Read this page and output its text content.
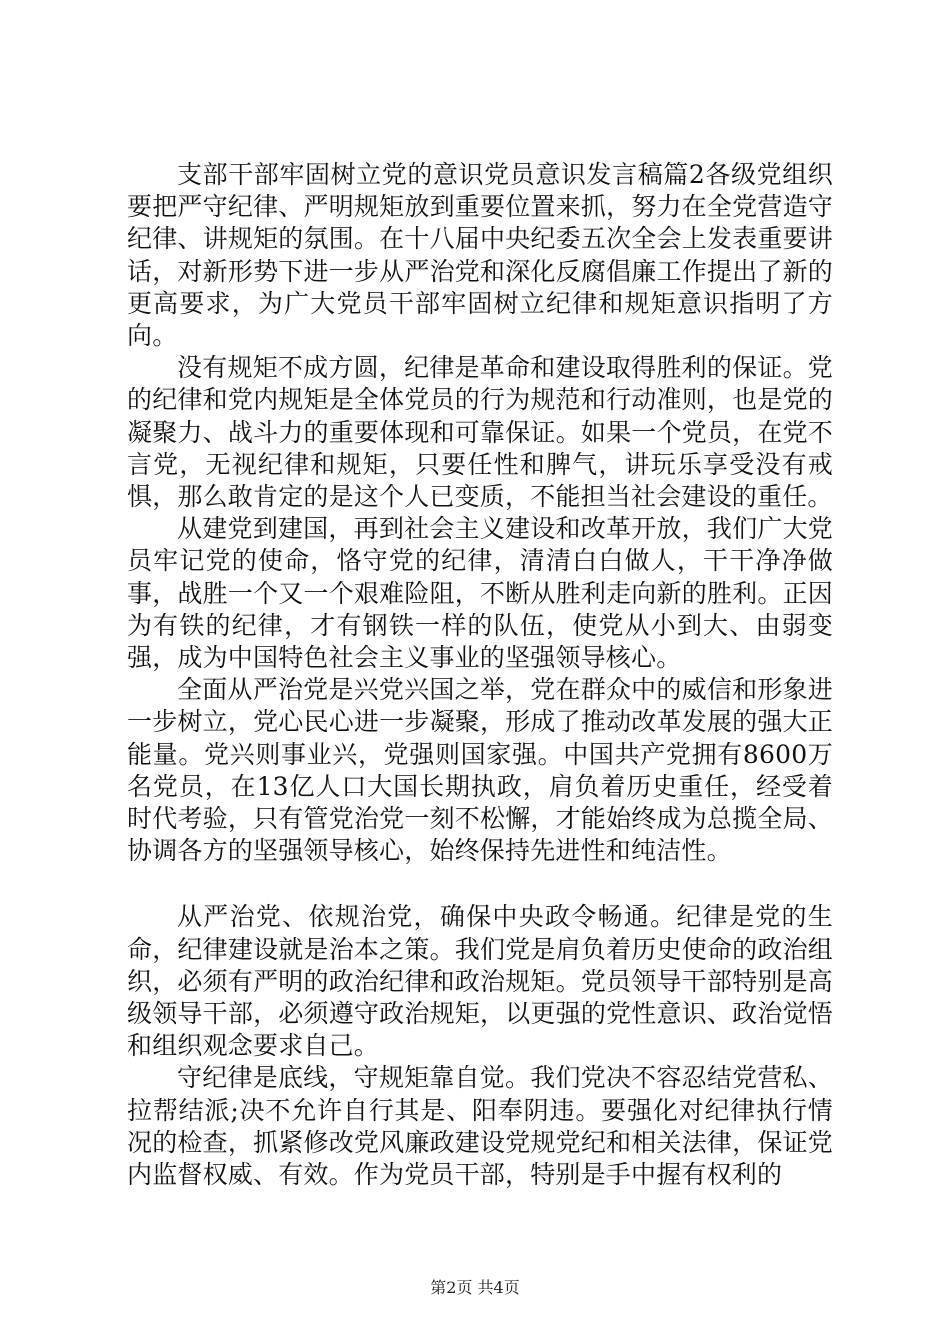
支部干部牢固树立党的意识党员意识发言稿篇2各级党组织要把严守纪律、严明规矩放到重要位置来抓，努力在全党营造守纪律、讲规矩的氛围。在十八届中央纪委五次全会上发表重要讲话，对新形势下进一步从严治党和深化反腐倡廉工作提出了新的更高要求，为广大党员干部牢固树立纪律和规矩意识指明了方向。

没有规矩不成方圆，纪律是革命和建设取得胜利的保证。党的纪律和党内规矩是全体党员的行为规范和行动准则，也是党的凝聚力、战斗力的重要体现和可靠保证。如果一个党员，在党不言党，无视纪律和规矩，只要任性和脾气，讲玩乐享受没有戒惧，那么敢肯定的是这个人已变质，不能担当社会建设的重任。

从建党到建国，再到社会主义建设和改革开放，我们广大党员牢记党的使命，恪守党的纪律，清清白白做人，干干净净做事，战胜一个又一个艰难险阻，不断从胜利走向新的胜利。正因为有铁的纪律，才有钢铁一样的队伍，使党从小到大、由弱变强，成为中国特色社会主义事业的坚强领导核心。

全面从严治党是兴党兴国之举，党在群众中的威信和形象进一步树立，党心民心进一步凝聚，形成了推动改革发展的强大正能量。党兴则事业兴，党强则国家强。中国共产党拥有8600万名党员，在13亿人口大国长期执政，肩负着历史重任，经受着时代考验，只有管党治党一刻不松懈，才能始终成为总揽全局、协调各方的坚强领导核心，始终保持先进性和纯洁性。

从严治党、依规治党，确保中央政令畅通。纪律是党的生命，纪律建设就是治本之策。我们党是肩负着历史使命的政治组织，必须有严明的政治纪律和政治规矩。党员领导干部特别是高级领导干部，必须遵守政治规矩，以更强的党性意识、政治觉悟和组织观念要求自己。

守纪律是底线，守规矩靠自觉。我们党决不容忍结党营私、拉帮结派;决不允许自行其是、阳奉阴违。要强化对纪律执行情况的检查，抓紧修改党风廉政建设党规党纪和相关法律，保证党内监督权威、有效。作为党员干部，特别是手中握有权利的

第2页 共4页
